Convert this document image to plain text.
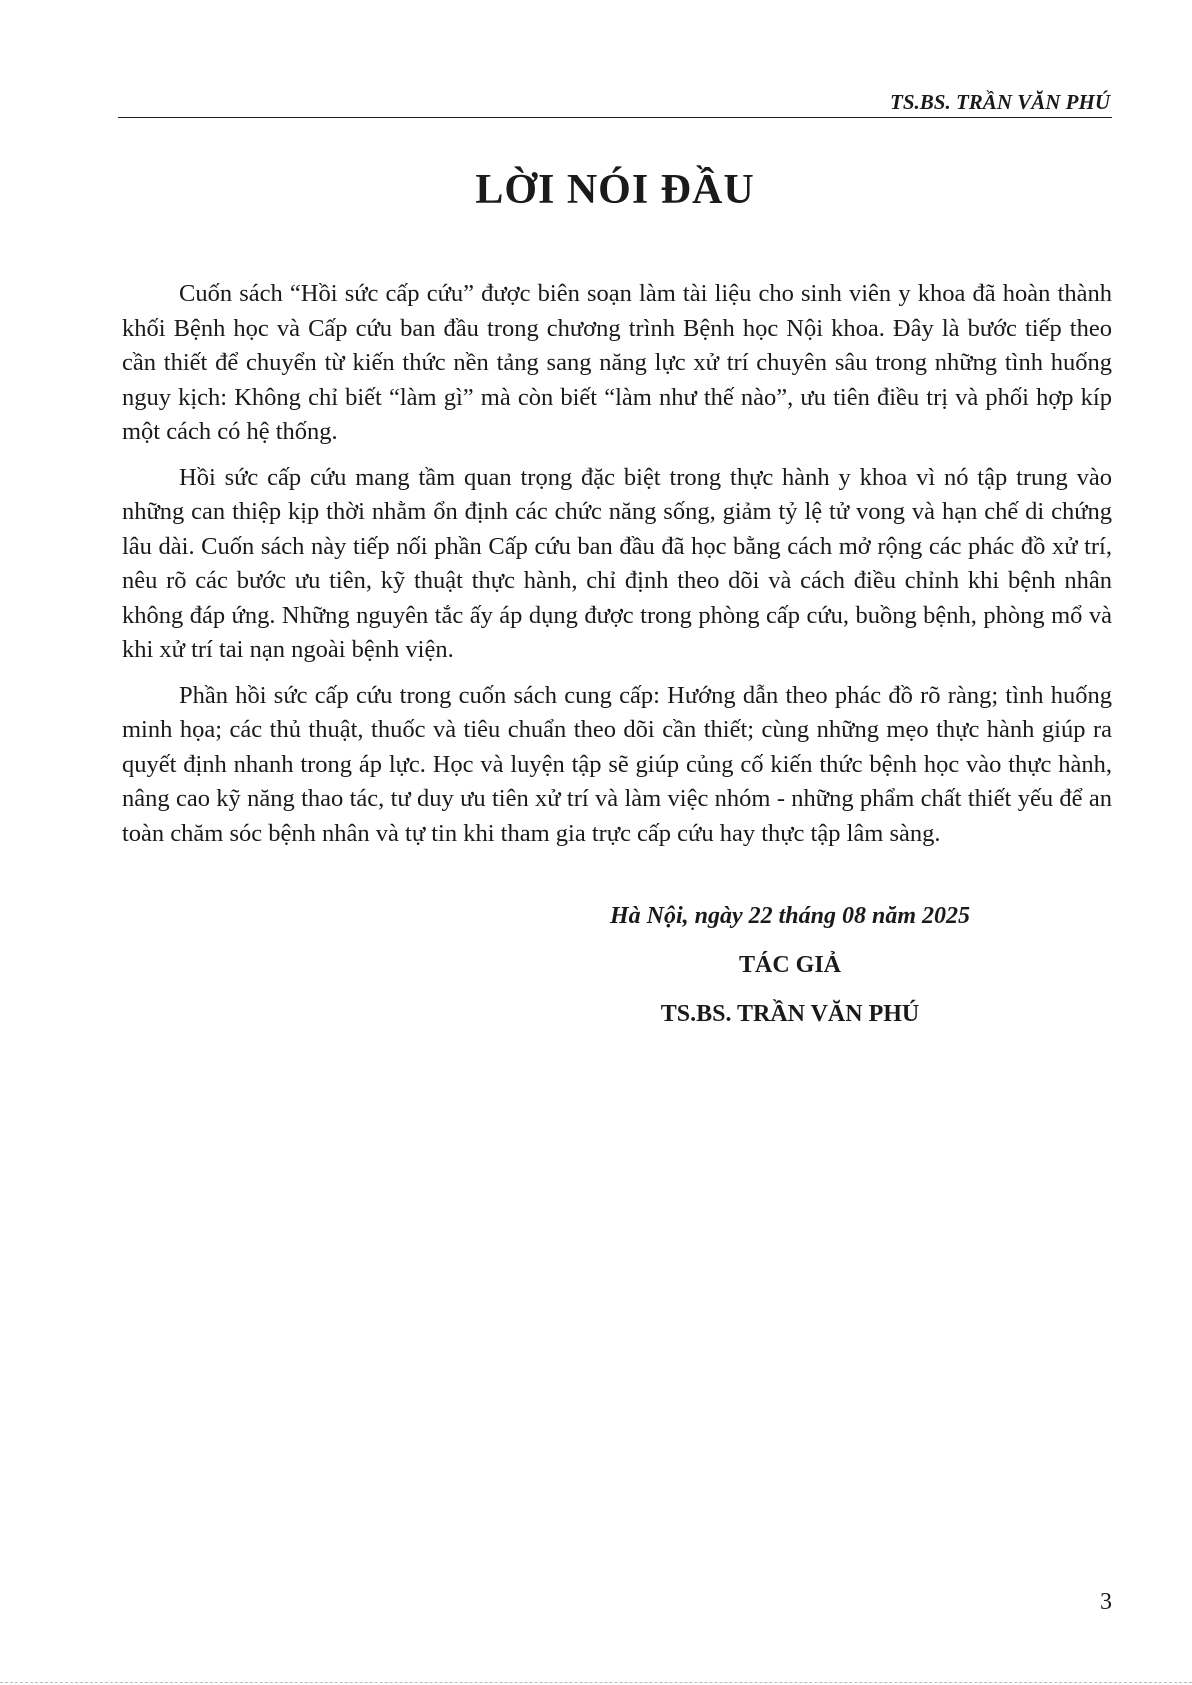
TS.BS. TRẦN VĂN PHÚ
LỜI NÓI ĐẦU

Cuốn sách “Hồi sức cấp cứu” được biên soạn làm tài liệu cho sinh viên y khoa đã hoàn thành khối Bệnh học và Cấp cứu ban đầu trong chương trình Bệnh học Nội khoa. Đây là bước tiếp theo cần thiết để chuyển từ kiến thức nền tảng sang năng lực xử trí chuyên sâu trong những tình huống nguy kịch: Không chỉ biết “làm gì” mà còn biết “làm như thế nào”, ưu tiên điều trị và phối hợp kíp một cách có hệ thống.

Hồi sức cấp cứu mang tầm quan trọng đặc biệt trong thực hành y khoa vì nó tập trung vào những can thiệp kịp thời nhằm ổn định các chức năng sống, giảm tỷ lệ tử vong và hạn chế di chứng lâu dài. Cuốn sách này tiếp nối phần Cấp cứu ban đầu đã học bằng cách mở rộng các phác đồ xử trí, nêu rõ các bước ưu tiên, kỹ thuật thực hành, chỉ định theo dõi và cách điều chỉnh khi bệnh nhân không đáp ứng. Những nguyên tắc ấy áp dụng được trong phòng cấp cứu, buồng bệnh, phòng mổ và khi xử trí tai nạn ngoài bệnh viện.

Phần hồi sức cấp cứu trong cuốn sách cung cấp: Hướng dẫn theo phác đồ rõ ràng; tình huống minh họa; các thủ thuật, thuốc và tiêu chuẩn theo dõi cần thiết; cùng những mẹo thực hành giúp ra quyết định nhanh trong áp lực. Học và luyện tập sẽ giúp củng cố kiến thức bệnh học vào thực hành, nâng cao kỹ năng thao tác, tư duy ưu tiên xử trí và làm việc nhóm - những phẩm chất thiết yếu để an toàn chăm sóc bệnh nhân và tự tin khi tham gia trực cấp cứu hay thực tập lâm sàng.

Hà Nội, ngày 22 tháng 08 năm 2025
TÁC GIẢ
TS.BS. TRẦN VĂN PHÚ
3
